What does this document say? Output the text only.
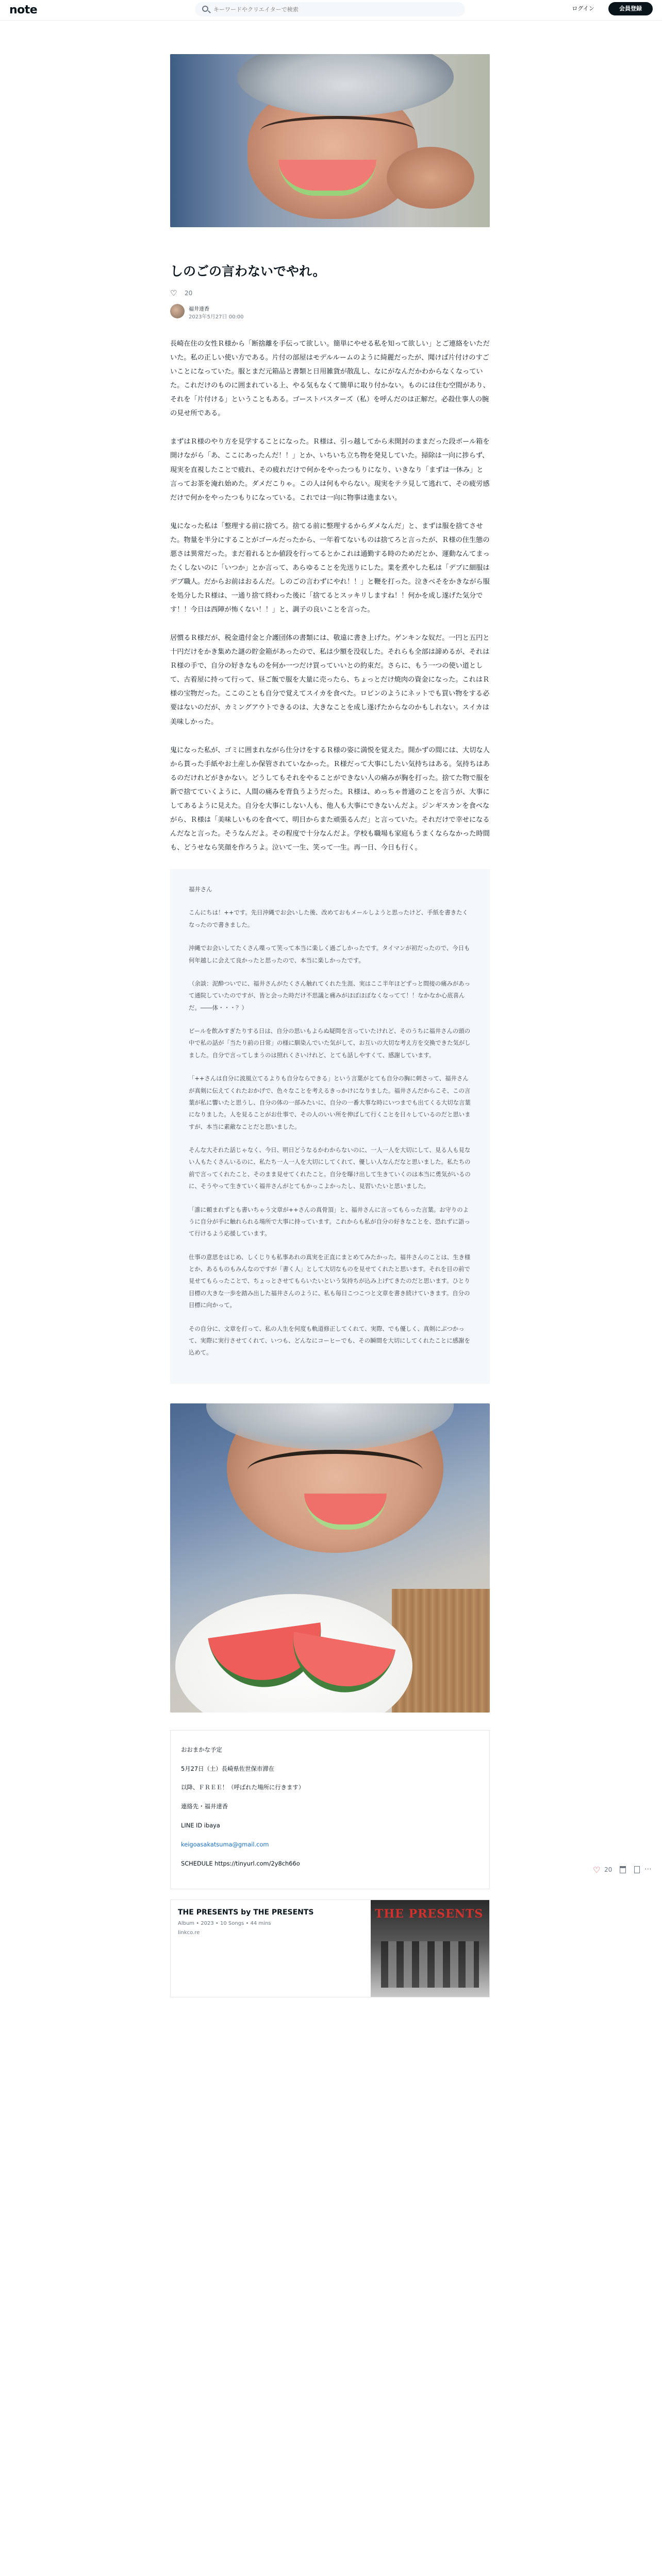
note
キーワードやクリエイターで検索	ログイン	会員登録
しのごの言わないでやれ。
♡ 20
福井達香
2023年5月27日 00:00

長崎在住の女性Ｒ様から「断捨離を手伝って欲しい。簡単にやせる私を知って欲しい」とご連絡をいただいた。私の正しい使い方である。片付の部屋はモデルルームのように綺麗だったが、聞けば片付けのすごいことになっていた。服とまだ元箱品と書類と日用雑貨が散乱し、なにがなんだかわからなくなっていた。これだけのものに囲まれている上、やる気もなくて簡単に取り付かない。ものには住む空間があり、それを「片付ける」ということもある。ゴーストバスターズ（私）を呼んだのは正解だ。必殺仕事人の腕の見せ所である。

まずはＲ様のやり方を見学することになった。Ｒ様は、引っ越してから未開封のままだった段ボール箱を開けながら「あ、ここにあったんだ！！」とか、いちいち立ち物を発見していた。掃除は一向に捗らず、現実を直視したことで疲れ、その疲れだけで何かをやったつもりになり、いきなり「まずは一休み」と言ってお茶を淹れ始めた。ダメだこりゃ。この人は何もやらない。現実をテラ見して逃れて、その疲労感だけで何かをやったつもりになっている。これでは一向に物事は進まない。

鬼になった私は「整理する前に捨てろ。捨てる前に整理するからダメなんだ」と、まずは服を捨てさせた。物量を半分にすることがゴールだったから、一年着てないものは捨てろと言ったが、Ｒ様の住生態の悪さは異常だった。まだ着れるとか値段を行ってるとかこれは通勤する時のためだとか、運動なんてまったくしないのに「いつか」とか言って、あらゆることを先送りにした。業を煮やした私は「デブに細服はデブ職人。だからお前はおるんだ。しのごの言わずにやれ！！」と鞭を打った。泣きべそをかきながら服を処分したＲ様は、一通り捨て終わった後に「捨てるとスッキリしますね！！何かを成し遂げた気分です！！今日は西陣が怖くない！！」と、調子の良いことを言った。

居慣るＲ様だが、税金遣付金と介護団体の書類には、敬遠に書き上げた。ゲンキンな奴だ。一円と五円と十円だけをかき集めた謎の貯金箱があったので、私は少額を没収した。それらも全部は諦めるが、それはＲ様の手で、自分の好きなものを何か一つだけ買っていいとの約束だ。さらに、もう一つの使い道として、古着屋に持って行って、昼ご飯で服を大量に売ったら、ちょっとだけ焼肉の資金になった。これはＲ様の宝物だった。ここのことも自分で覚えてスイカを食べた。ロビンのようにネットでも買い物をする必要はないのだが、カミングアウトできるのは、大きなことを成し遂げたからなのかもしれない。スイカは美味しかった。

鬼になった私が、ゴミに囲まれながら仕分けをするＲ様の姿に満悦を覚えた。開かずの間には、大切な人から貰った手紙やお土産しか保管されていなかった。Ｒ様だって大事にしたい気持ちはある。気持ちはあるのだけれどがきかない。どうしてもそれをやることができない人の痛みが胸を打った。捨てた物で服を新で捨てていくように、人間の痛みを背負うようだった。Ｒ様は、めっちゃ普通のことを言うが、大事にしてあるように見えた。自分を大事にしない人も、他人も大事にできないんだよ。ジンギスカンを食べながら、Ｒ様は「美味しいものを食べて、明日からまた頑張るんだ」と言っていた。それだけで幸せになるんだなと言った。そうなんだよ。その程度で十分なんだよ。学校も職場も家庭もうまくならなかった時間も、どうせなら笑顔を作ろうよ。泣いて一生、笑って一生。再一日、今日も行く。

福井さん

こんにちは！++です。先日沖縄でお会いした後、改めておもメールしようと思ったけど、手紙を書きたくなったので書きました。

沖縄でお会いしてたくさん喋って笑って本当に楽しく過ごしかったです。タイマンが初だったので、今日も何年越しに会えて良かったと思ったので、本当に楽しかったです。

（余談：泥酔ついでに、福井さんがたくさん触れてくれた生涯、実はここ半年ほどずっと間接の痛みがあって通院していたのですが、皆と会った時だけ不思議と痛みがほぼほぼなくなってて！！なかなか心底喜んだ。――体・・・？）

ビールを飲みすぎたりする日は、自分の思いもよらぬ疑問を言っていたけれど、そのうちに福井さんの頭の中で私の話が「当たり前の日常」の様に馴染んでいた気がして、お互いの大切な考え方を交換できた気がしました。自分で言ってしまうのは照れくさいけれど、とても話しやすくて、感謝しています。

「++さんは自分に波風立てるよりも自分ならできる」という言葉がとても自分の胸に刺さって、福井さんが真剣に伝えてくれたおかげで、色々なことを考えるきっかけになりました。福井さんだからこそ、この言葉が私に響いたと思うし、自分の体の一部みたいに、自分の一番大事な時にいつまでも出てくる大切な言葉になりました。人を見ることがお仕事で、その人のいい所を伸ばして行くことを日々しているのだと思いますが、本当に素敵なことだと思いました。

そんな大それた話じゃなく、今日、明日どうなるかわからないのに、一人一人を大切にして、見る人も見ない人もたくさんいるのに、私たち一人一人を大切にしてくれて、優しい人なんだなと思いました。私たちの前で言ってくれたこと、そのまま見せてくれたこと。自分を曝け出して生きていくのは本当に勇気がいるのに、そうやって生きていく福井さんがとてもかっこよかったし、見習いたいと思いました。

「誰に頼まれずとも書いちゃう文章が++さんの真骨頂」と、福井さんに言ってもらった言葉。お守りのように自分が手に触れられる場所で大事に持っています。これからも私が自分の好きなことを、恐れずに語って行けるよう応援しています。

仕事の意思をはじめ、しくじりも私事あれの真実を正直にまとめてみたかった。福井さんのことは、生き様とか、あるものもみんなのですが「書く人」として大切なものを見せてくれたと思います。それを目の前で見せてもらったことで、ちょっとさせてもらいたいという気持ちが込み上げてきたのだと思います。ひとり目標の大きな一歩を踏み出した福井さんのように、私も毎日こつこつと文章を書き続けていきます。自分の目標に向かって。

その自分に、文章を打って、私の人生を何度も軌道修正してくれて、実際、でも優しく、真剣にぶつかって、実際に実行させてくれて、いつも、どんなにコーヒーでも、その瞬間を大切にしてくれたことに感謝を込めて。

おおまかな予定

5月27日（土）長崎県佐世保市滞在

以降、ＦＲＥＥ！（呼ばれた場所に行きます）

連絡先・福井達香

LINE ID ibaya

keigoasakatsuma@gmail.com

SCHEDULE https://tinyurl.com/2y8ch66o

THE PRESENTS by THE PRESENTS
Album • 2023 • 10 Songs • 44 mins
linkco.re
THE PRESENTS
♡ 20	⋯
